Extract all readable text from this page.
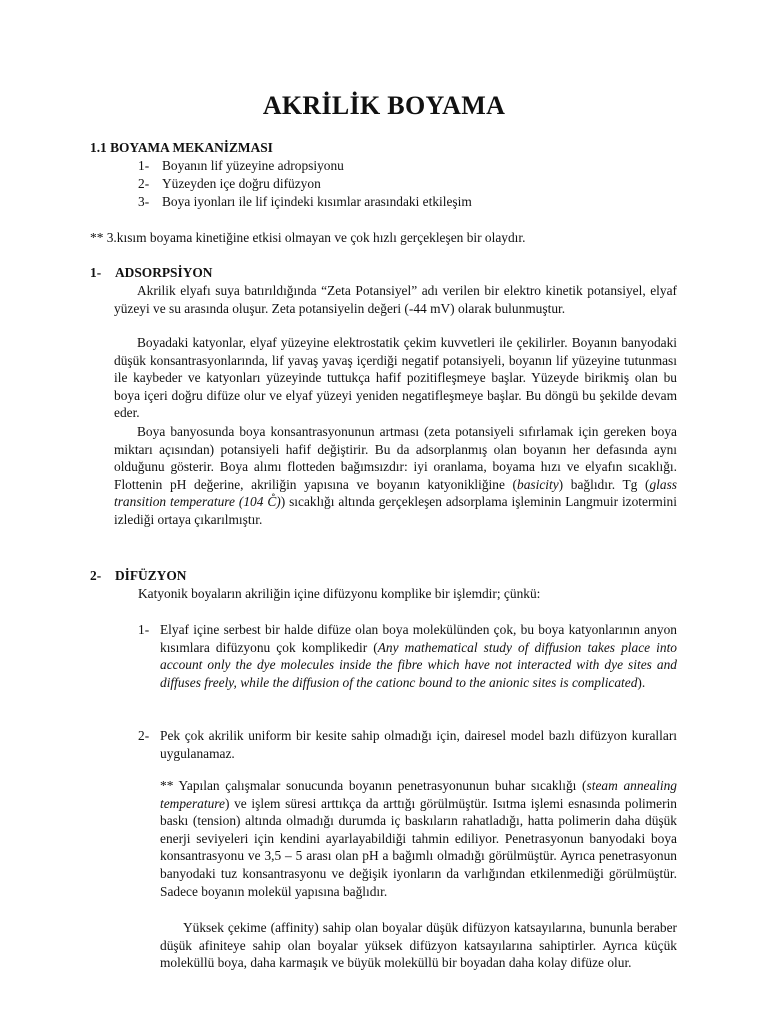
AKRİLİK BOYAMA
1.1 BOYAMA MEKANİZMASI
1- Boyanın lif yüzeyine adropsiyonu
2- Yüzeyden içe doğru difüzyon
3- Boya iyonları ile lif içindeki kısımlar arasındaki etkileşim
** 3.kısım boyama kinetiğine etkisi olmayan ve çok hızlı gerçekleşen bir olaydır.
1- ADSORPSİYON
Akrilik elyafı suya batırıldığında “Zeta Potansiyel” adı verilen bir elektro kinetik potansiyel, elyaf yüzeyi ve su arasında oluşur. Zeta potansiyelin değeri (-44 mV) olarak bulunmuştur.
Boyadaki katyonlar, elyaf yüzeyine elektrostatik çekim kuvvetleri ile çekilirler. Boyanın banyodaki düşük konsantrasyonlarında, lif yavaş yavaş içerdiği negatif potansiyeli, boyanın lif yüzeyine tutunması ile kaybeder ve katyonları yüzeyinde tuttukça hafif pozitifleşmeye başlar. Yüzeyde birikmiş olan bu boya içeri doğru difüze olur ve elyaf yüzeyi yeniden negatifleşmeye başlar. Bu döngü bu şekilde devam eder.
Boya banyosunda boya konsantrasyonunun artması (zeta potansiyeli sıfırlamak için gereken boya miktarı açısından) potansiyeli hafif değiştirir. Bu da adsorplanmış olan boyanın her defasında aynı olduğunu gösterir. Boya alımı flotteden bağımsızdır: iyi oranlama, boyama hızı ve elyafın sıcaklığı. Flottenin pH değerine, akriliğin yapısına ve boyanın katyonikliğine (basicity) bağlıdır. Tg (glass transition temperature (104 C̊)) sıcaklığı altında gerçekleşen adsorplama işleminin Langmuir izotermini izlediği ortaya çıkarılmıştır.
2- DİFÜZYON
Katyonik boyaların akriliğin içine difüzyonu komplike bir işlemdir; çünkü:
1- Elyaf içine serbest bir halde difüze olan boya molekülünden çok, bu boya katyonlarının anyon kısımlara difüzyonu çok komplikedir (Any mathematical study of diffusion takes place into account only the dye molecules inside the fibre which have not interacted with dye sites and diffuses freely, while the diffusion of the cationc bound to the anionic sites is complicated).
2- Pek çok akrilik uniform bir kesite sahip olmadığı için, dairesel model bazlı difüzyon kuralları uygulanamaz.
** Yapılan çalışmalar sonucunda boyanın penetrasyonunun buhar sıcaklığı (steam annealing temperature) ve işlem süresi arttıkça da arttığı görülmüştür. Isıtma işlemi esnasında polimerin baskı (tension) altında olmadığı durumda iç baskıların rahatladığı, hatta polimerin daha düşük enerji seviyeleri için kendini ayarlayabildiği tahmin ediliyor. Penetrasyonun banyodaki boya konsantrasyonu ve 3,5 – 5 arası olan pH a bağımlı olmadığı görülmüştür. Ayrıca penetrasyonun banyodaki tuz konsantrasyonu ve değişik iyonların da varlığından etkilenmediği görülmüştür. Sadece boyanın molekül yapısına bağlıdır.
Yüksek çekime (affinity) sahip olan boyalar düşük difüzyon katsayılarına, bununla beraber düşük afiniteye sahip olan boyalar yüksek difüzyon katsayılarına sahiptirler. Ayrıca küçük moleküllü boya, daha karmaşık ve büyük moleküllü bir boyadan daha kolay difüze olur.
